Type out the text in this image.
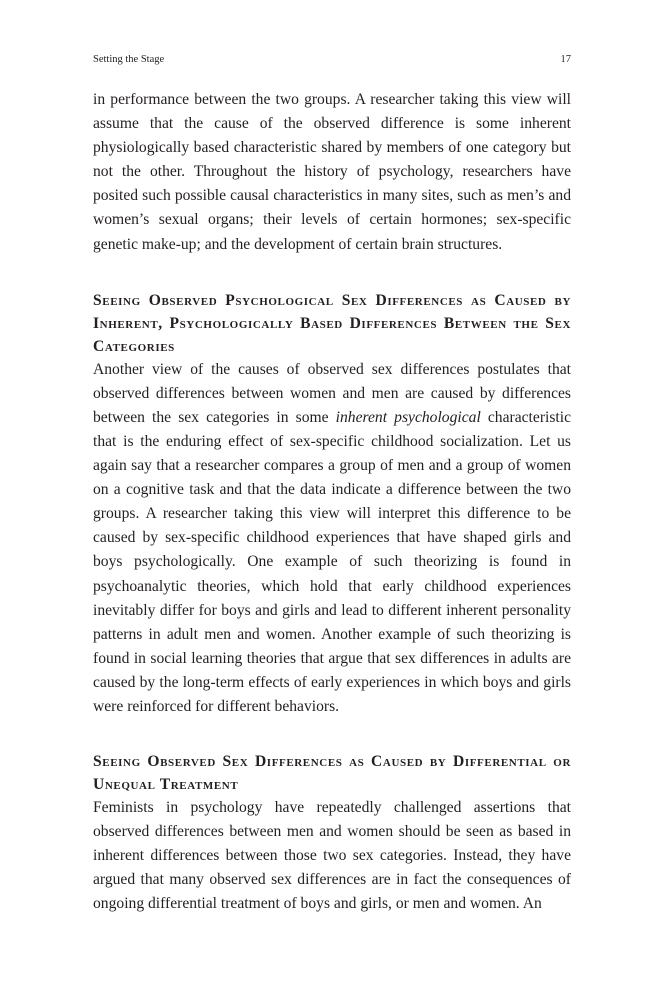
Setting the Stage	17

in performance between the two groups. A researcher taking this view will assume that the cause of the observed difference is some inherent physiologically based characteristic shared by members of one category but not the other. Throughout the history of psychology, researchers have posited such possible causal characteristics in many sites, such as men’s and women’s sexual organs; their levels of certain hormones; sex-specific genetic make-up; and the development of certain brain structures.

Seeing Observed Psychological Sex Differences as Caused by Inherent, Psychologically Based Differences Between the Sex Categories

Another view of the causes of observed sex differences postulates that observed differences between women and men are caused by differences between the sex categories in some inherent psychological characteristic that is the enduring effect of sex-specific childhood socialization. Let us again say that a researcher compares a group of men and a group of women on a cognitive task and that the data indicate a difference between the two groups. A researcher taking this view will interpret this difference to be caused by sex-specific childhood experiences that have shaped girls and boys psychologically. One example of such theorizing is found in psychoanalytic theories, which hold that early childhood experiences inevitably differ for boys and girls and lead to different inherent personality patterns in adult men and women. Another example of such theorizing is found in social learning theories that argue that sex differences in adults are caused by the long-term effects of early experiences in which boys and girls were reinforced for different behaviors.

Seeing Observed Sex Differences as Caused by Differential or Unequal Treatment

Feminists in psychology have repeatedly challenged assertions that observed differences between men and women should be seen as based in inherent differences between those two sex categories. Instead, they have argued that many observed sex differences are in fact the consequences of ongoing differential treatment of boys and girls, or men and women. An
